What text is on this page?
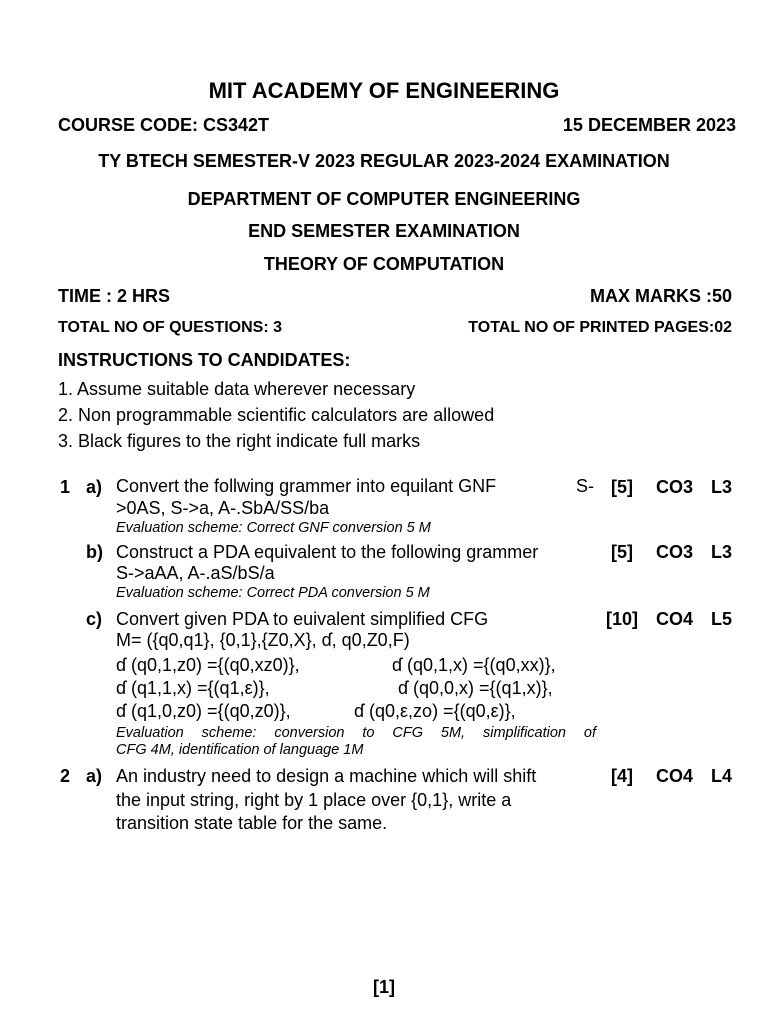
MIT ACADEMY OF ENGINEERING
COURSE CODE: CS342T	15 DECEMBER 2023
TY BTECH SEMESTER-V 2023 REGULAR 2023-2024 EXAMINATION
DEPARTMENT OF COMPUTER ENGINEERING
END SEMESTER EXAMINATION
THEORY OF COMPUTATION
TIME : 2 HRS	MAX MARKS :50
TOTAL NO OF QUESTIONS: 3	TOTAL NO OF PRINTED PAGES:02
INSTRUCTIONS TO CANDIDATES:
1. Assume suitable data wherever necessary
2. Non programmable scientific calculators are allowed
3. Black figures to the right indicate full marks
1 a) Convert the follwing grammer into equilant GNF	S-
>0AS, S->a, A-.SbA/SS/ba
Evaluation scheme: Correct GNF conversion 5 M
[5] CO3 L3
b) Construct a PDA equivalent to the following grammer
S->aAA, A-.aS/bS/a
Evaluation scheme: Correct PDA conversion 5 M
[5] CO3 L3
c) Convert given PDA to euivalent simplified CFG
M= ({q0,q1}, {0,1},{Z0,X}, ɗ, q0,Z0,F)
ɗ (q0,1,z0) ={(q0,xz0)},	ɗ (q0,1,x) ={(q0,xx)},
ɗ (q1,1,x) ={(q1,ε)},	ɗ (q0,0,x) ={(q1,x)},
ɗ (q1,0,z0) ={(q0,z0)},	ɗ (q0,ε,zo) ={(q0,ε)},
Evaluation scheme: conversion to CFG 5M, simplification of
CFG 4M, identification of language 1M
[10] CO4 L5
2 a) An industry need to design a machine which will shift
the input string, right by 1 place over {0,1}, write a
transition state table for the same.
[4] CO4 L4
[1]
